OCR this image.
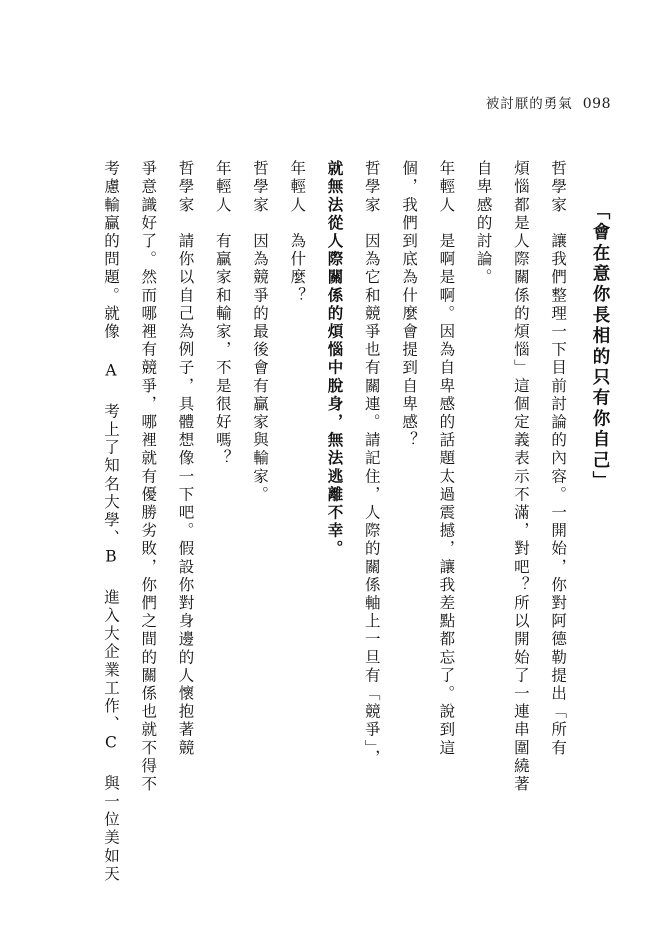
被討厭的勇氣 098
「會在意你長相的只有你自己」
哲學家　讓我們整理一下目前討論的內容。一開始，你對阿德勒提出「所有
煩惱都是人際關係的煩惱」這個定義表示不滿，對吧？所以開始了一連串圍繞著
自卑感的討論。
年輕人　是啊是啊。因為自卑感的話題太過震撼，讓我差點都忘了。說到這
個，我們到底為什麼會提到自卑感？
哲學家　因為它和競爭也有關連。請記住，人際的關係軸上一旦有「競爭」，
就無法從人際關係的煩惱中脫身，無法逃離不幸。
年輕人　為什麼？
哲學家　因為競爭的最後會有贏家與輸家。
年輕人　有贏家和輸家，不是很好嗎？
哲學家　請你以自己為例子，具體想像一下吧。假設你對身邊的人懷抱著競
爭意識好了。然而哪裡有競爭，哪裡就有優勝劣敗，你們之間的關係也就不得不
考慮輸贏的問題。就像 A 考上了知名大學、B 進入大企業工作、C 與一位美如天
